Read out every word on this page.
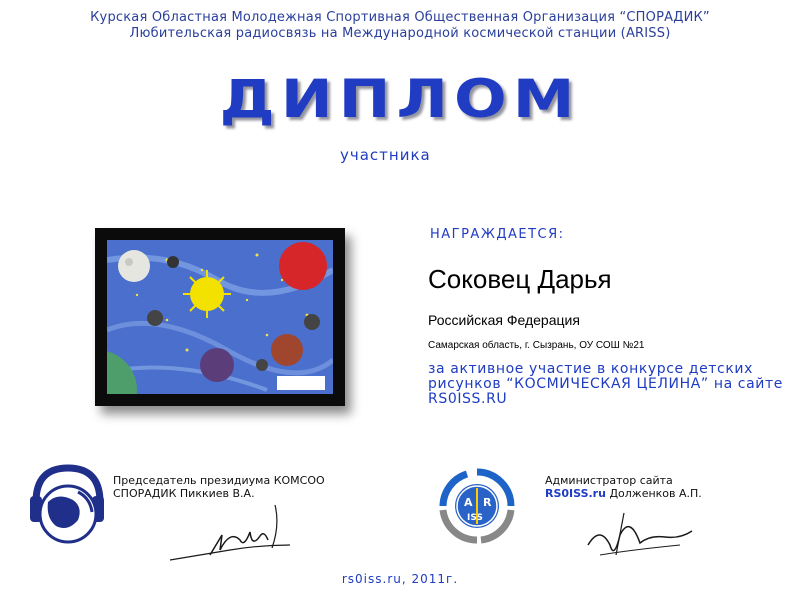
Курская Областная Молодежная Спортивная Общественная Организация “СПОРАДИК”
Любительская радиосвязь на Международной космической станции (ARISS)
ДИПЛОМ
участника
НАГРАЖДАЕТСЯ:
Соковец Дарья
Российская Федерация
Самарская область, г. Сызрань, ОУ СОШ №21
за активное участие в конкурсе детских рисунков “КОСМИЧЕСКАЯ ЦЕЛИНА” на сайте RS0ISS.RU
Председатель президиума КОМСОО
СПОРАДИК Пиккиев В.А.
A R
ISS
Администратор сайта
RS0ISS.ru Долженков А.П.
rs0iss.ru, 2011г.
